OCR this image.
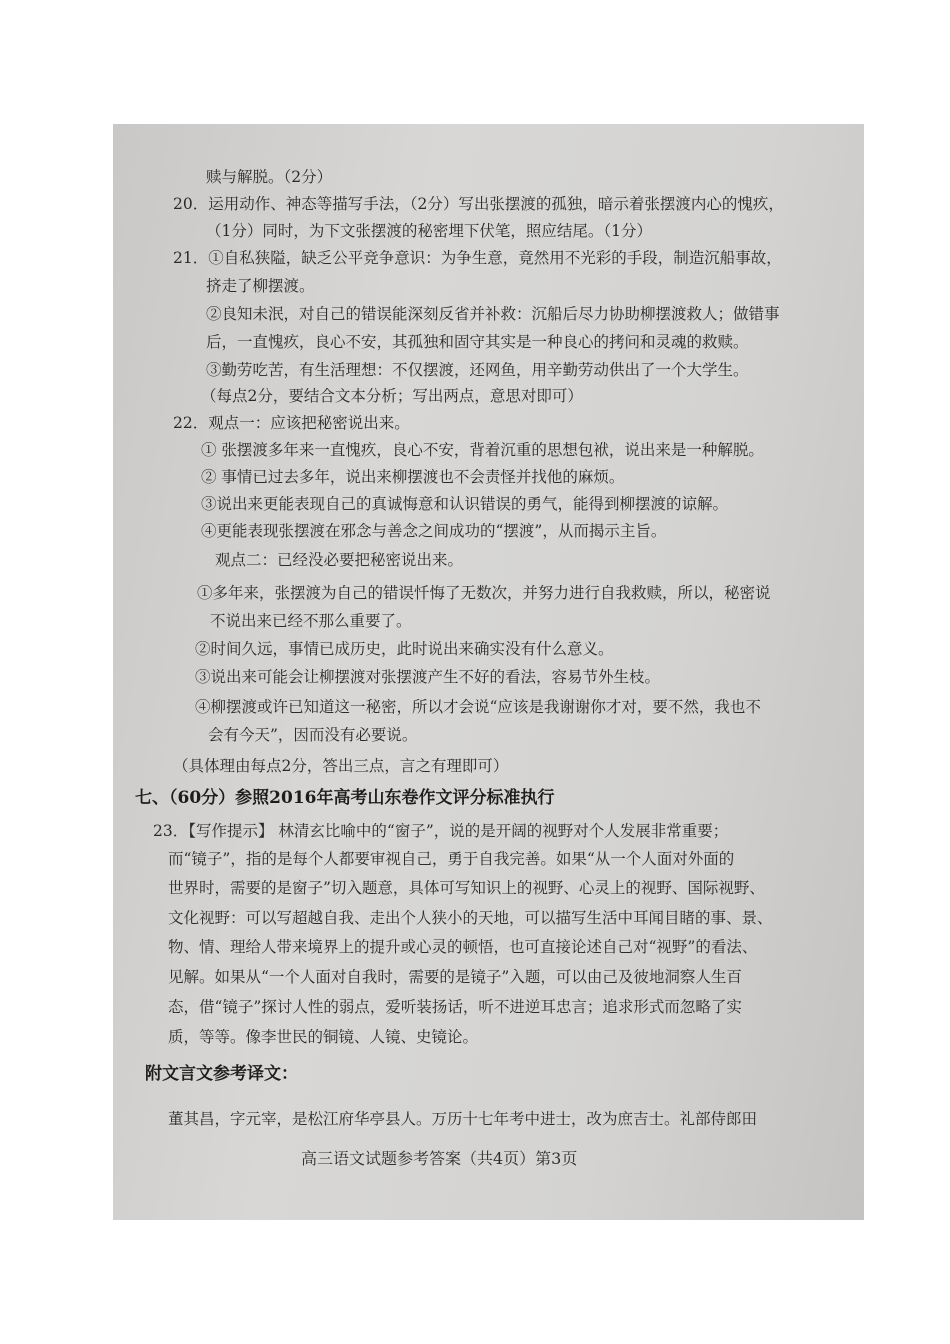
赎与解脱。（2分）
20．运用动作、神态等描写手法，（2分）写出张摆渡的孤独，暗示着张摆渡内心的愧疚，
（1分）同时，为下文张摆渡的秘密埋下伏笔，照应结尾。（1分）
21．①自私狭隘，缺乏公平竞争意识：为争生意，竟然用不光彩的手段，制造沉船事故，
挤走了柳摆渡。
②良知未泯，对自己的错误能深刻反省并补救：沉船后尽力协助柳摆渡救人；做错事
后，一直愧疚，良心不安，其孤独和固守其实是一种良心的拷问和灵魂的救赎。
③勤劳吃苦，有生活理想：不仅摆渡，还网鱼，用辛勤劳动供出了一个大学生。
（每点2分，要结合文本分析；写出两点，意思对即可）
22．观点一：应该把秘密说出来。
① 张摆渡多年来一直愧疚，良心不安，背着沉重的思想包袱，说出来是一种解脱。
② 事情已过去多年，说出来柳摆渡也不会责怪并找他的麻烦。
③说出来更能表现自己的真诚悔意和认识错误的勇气，能得到柳摆渡的谅解。
④更能表现张摆渡在邪念与善念之间成功的“摆渡”，从而揭示主旨。
观点二：已经没必要把秘密说出来。
①多年来，张摆渡为自己的错误忏悔了无数次，并努力进行自我救赎，所以，秘密说
不说出来已经不那么重要了。
②时间久远，事情已成历史，此时说出来确实没有什么意义。
③说出来可能会让柳摆渡对张摆渡产生不好的看法，容易节外生枝。
④柳摆渡或许已知道这一秘密，所以才会说“应该是我谢谢你才对，要不然，我也不
会有今天”，因而没有必要说。
（具体理由每点2分，答出三点，言之有理即可）
七、（60分）参照2016年高考山东卷作文评分标准执行
23．【写作提示】 林清玄比喻中的“窗子”，说的是开阔的视野对个人发展非常重要；
而“镜子”，指的是每个人都要审视自己，勇于自我完善。如果“从一个人面对外面的
世界时，需要的是窗子”切入题意，具体可写知识上的视野、心灵上的视野、国际视野、
文化视野：可以写超越自我、走出个人狭小的天地，可以描写生活中耳闻目睹的事、景、
物、情、理给人带来境界上的提升或心灵的顿悟，也可直接论述自己对“视野”的看法、
见解。如果从“一个人面对自我时，需要的是镜子”入题，可以由己及彼地洞察人生百
态，借“镜子”探讨人性的弱点，爱听装扬话，听不进逆耳忠言；追求形式而忽略了实
质，等等。像李世民的铜镜、人镜、史镜论。
附文言文参考译文：
董其昌，字元宰，是松江府华亭县人。万历十七年考中进士，改为庶吉士。礼部侍郎田
高三语文试题参考答案（共4页）第3页
